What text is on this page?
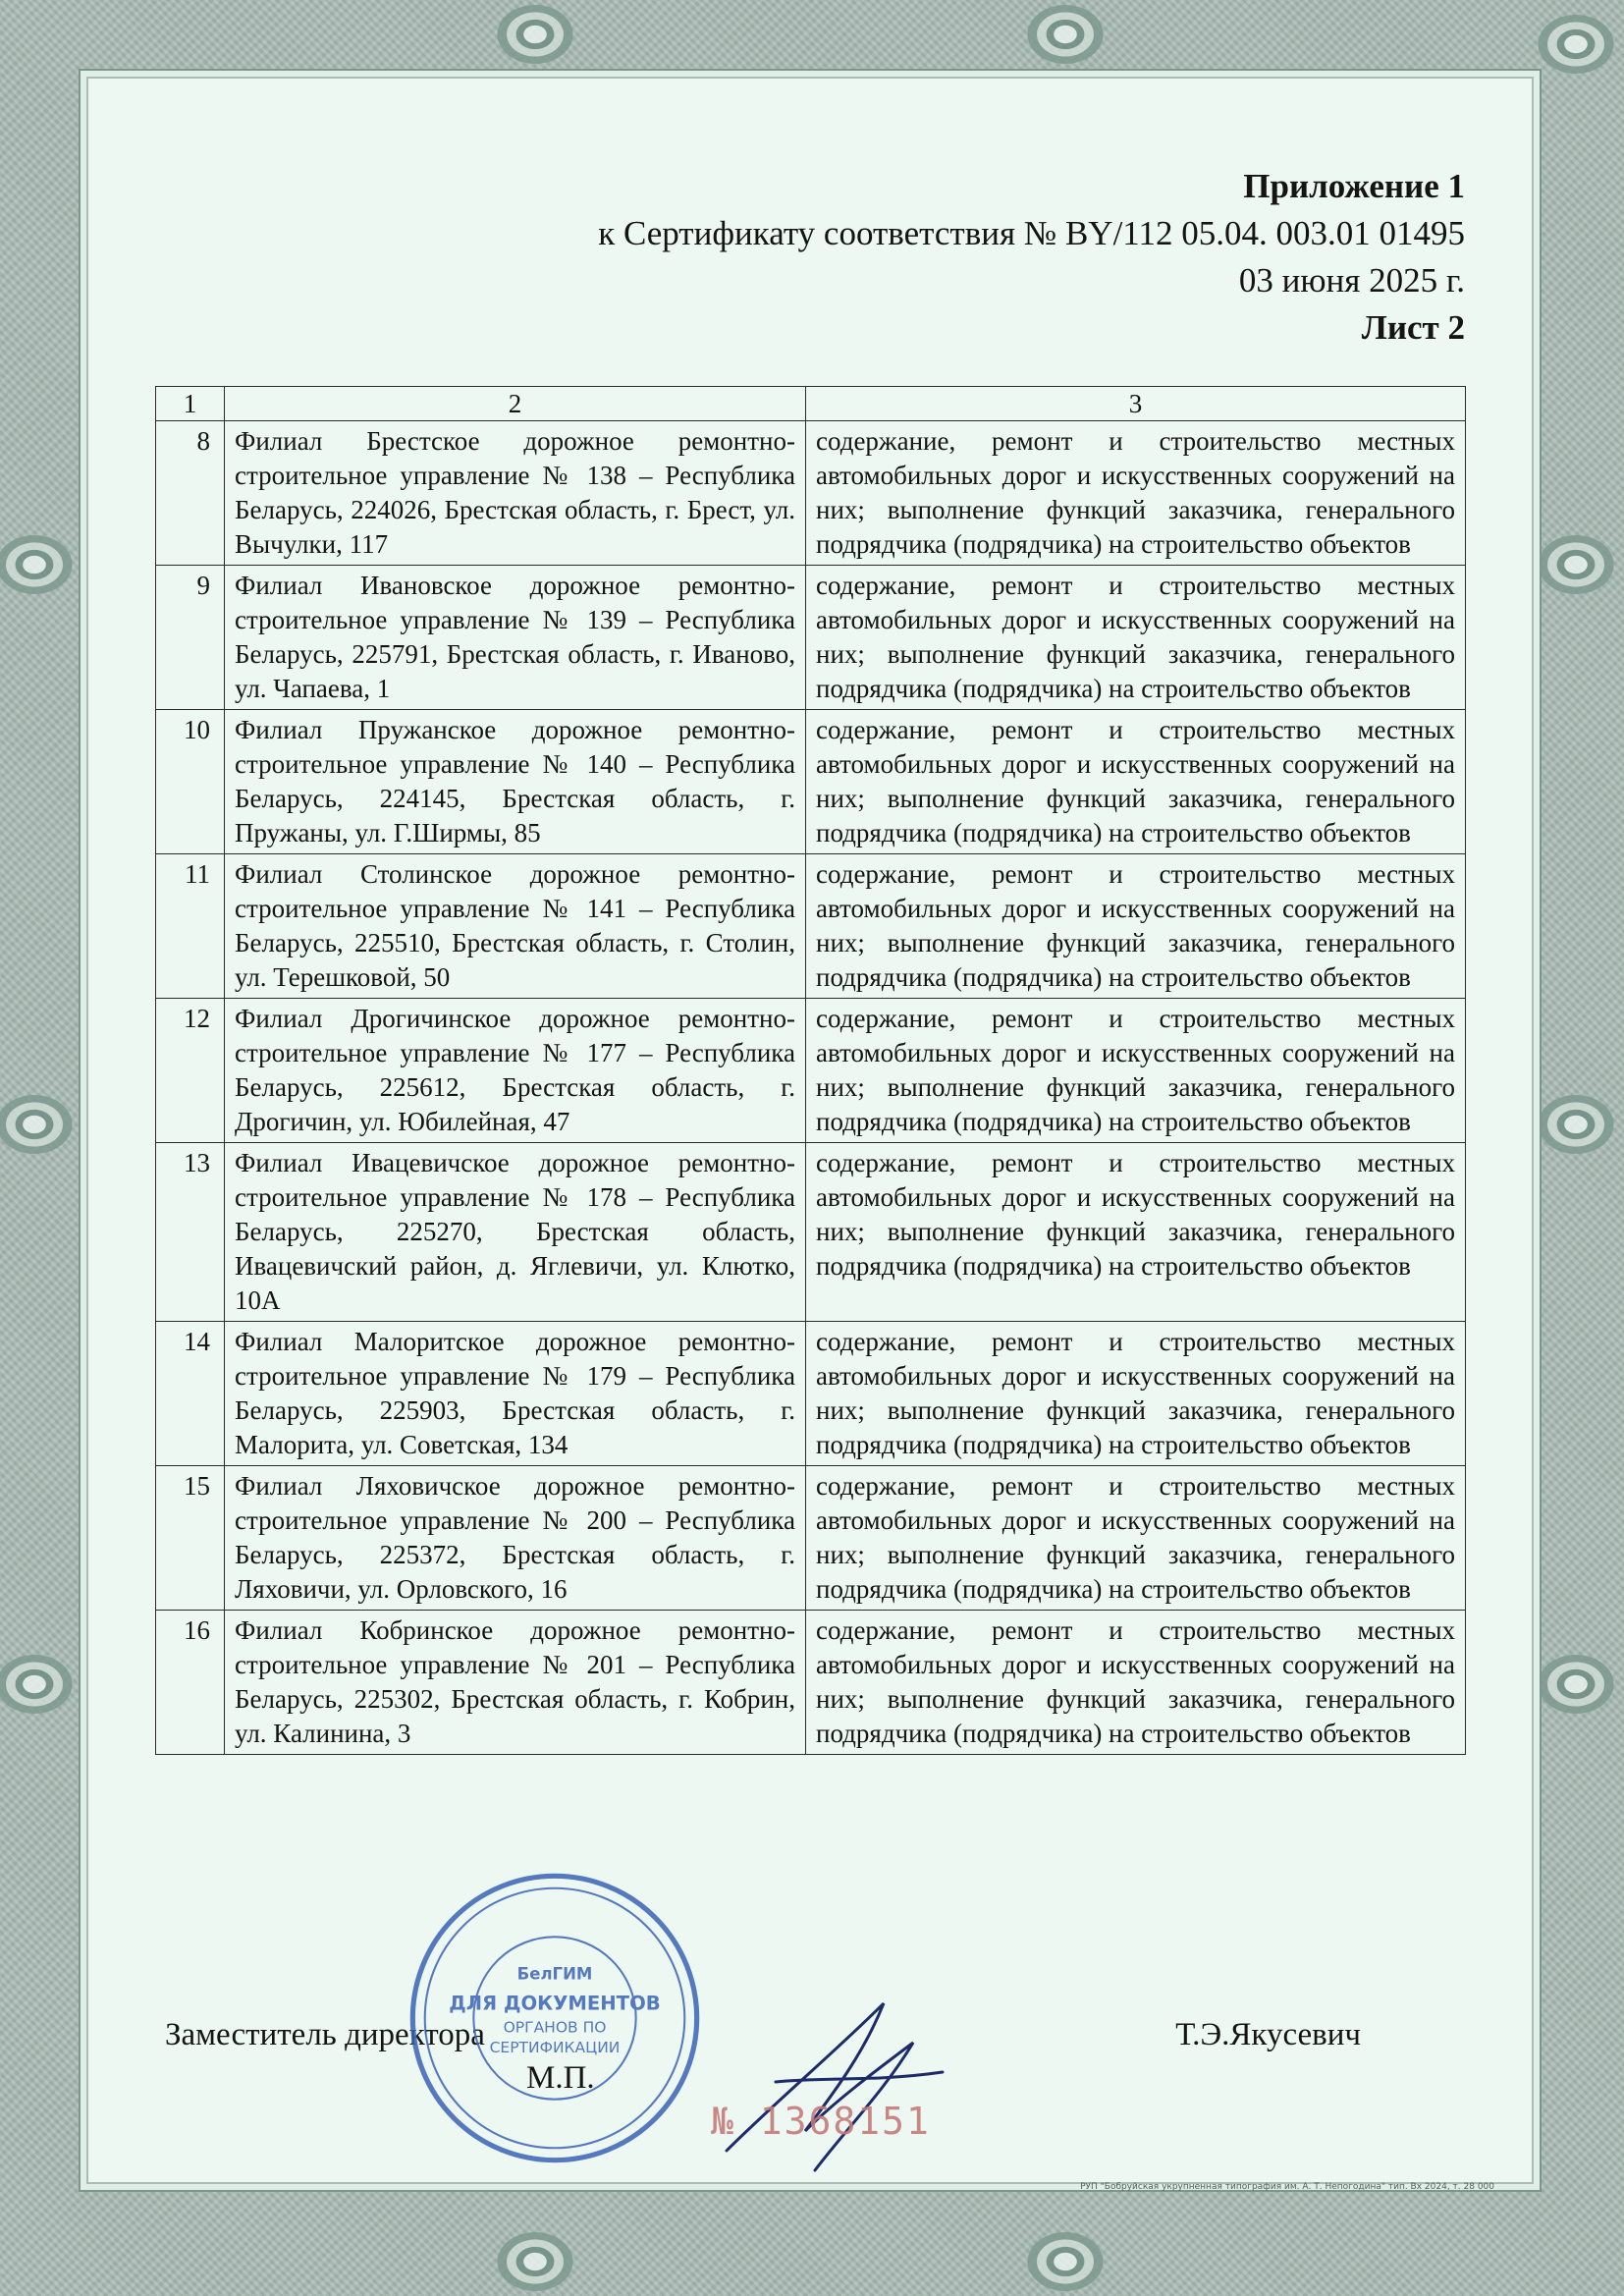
Приложение 1
к Сертификату соответствия № BY/112 05.04. 003.01 01495
03 июня 2025 г.
Лист 2
1	2	3
8	Филиал Брестское дорожное ремонтно-строительное управление № 138 – Республика Беларусь, 224026, Брестская область, г. Брест, ул. Вычулки, 117	содержание, ремонт и строительство местных автомобильных дорог и искусственных сооружений на них; выполнение функций заказчика, генерального подрядчика (подрядчика) на строительство объектов
9	Филиал Ивановское дорожное ремонтно-строительное управление № 139 – Республика Беларусь, 225791, Брестская область, г. Иваново, ул. Чапаева, 1	содержание, ремонт и строительство местных автомобильных дорог и искусственных сооружений на них; выполнение функций заказчика, генерального подрядчика (подрядчика) на строительство объектов
10	Филиал Пружанское дорожное ремонтно-строительное управление № 140 – Республика Беларусь, 224145, Брестская область, г. Пружаны, ул. Г.Ширмы, 85	содержание, ремонт и строительство местных автомобильных дорог и искусственных сооружений на них; выполнение функций заказчика, генерального подрядчика (подрядчика) на строительство объектов
11	Филиал Столинское дорожное ремонтно-строительное управление № 141 – Республика Беларусь, 225510, Брестская область, г. Столин, ул. Терешковой, 50	содержание, ремонт и строительство местных автомобильных дорог и искусственных сооружений на них; выполнение функций заказчика, генерального подрядчика (подрядчика) на строительство объектов
12	Филиал Дрогичинское дорожное ремонтно-строительное управление № 177 – Республика Беларусь, 225612, Брестская область, г. Дрогичин, ул. Юбилейная, 47	содержание, ремонт и строительство местных автомобильных дорог и искусственных сооружений на них; выполнение функций заказчика, генерального подрядчика (подрядчика) на строительство объектов
13	Филиал Ивацевичское дорожное ремонтно-строительное управление № 178 – Республика Беларусь, 225270, Брестская область, Ивацевичский район, д. Яглевичи, ул. Клютко, 10А	содержание, ремонт и строительство местных автомобильных дорог и искусственных сооружений на них; выполнение функций заказчика, генерального подрядчика (подрядчика) на строительство объектов
14	Филиал Малоритское дорожное ремонтно-строительное управление № 179 – Республика Беларусь, 225903, Брестская область, г. Малорита, ул. Советская, 134	содержание, ремонт и строительство местных автомобильных дорог и искусственных сооружений на них; выполнение функций заказчика, генерального подрядчика (подрядчика) на строительство объектов
15	Филиал Ляховичское дорожное ремонтно-строительное управление № 200 – Республика Беларусь, 225372, Брестская область, г. Ляховичи, ул. Орловского, 16	содержание, ремонт и строительство местных автомобильных дорог и искусственных сооружений на них; выполнение функций заказчика, генерального подрядчика (подрядчика) на строительство объектов
16	Филиал Кобринское дорожное ремонтно-строительное управление № 201 – Республика Беларусь, 225302, Брестская область, г. Кобрин, ул. Калинина, 3	содержание, ремонт и строительство местных автомобильных дорог и искусственных сооружений на них; выполнение функций заказчика, генерального подрядчика (подрядчика) на строительство объектов
Заместитель директора
М.П.
Т.Э.Якусевич
БелГИМ
ДЛЯ ДОКУМЕНТОВ
ОРГАНОВ ПО
СЕРТИФИКАЦИИ
№ 1368151
РУП "Бобруйская укрупненная типография им. А. Т. Непогодина" тип. Вх 2024, т. 28 000
